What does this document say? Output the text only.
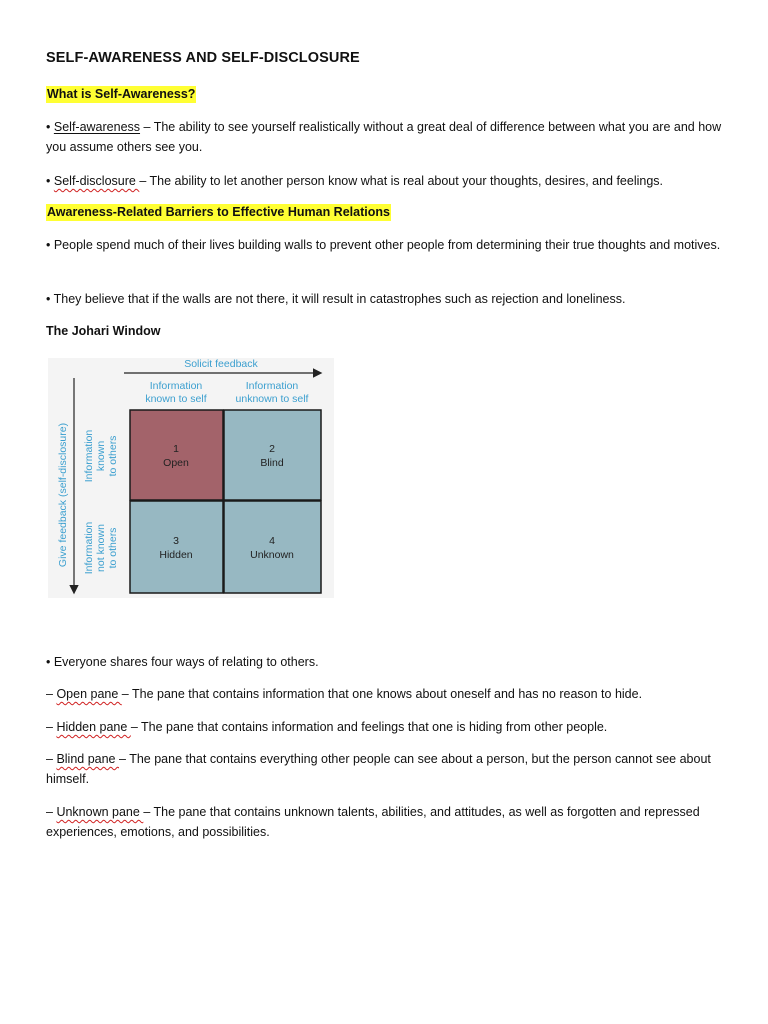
SELF-AWARENESS AND SELF-DISCLOSURE
What is Self-Awareness?
• Self-awareness – The ability to see yourself realistically without a great deal of difference between what you are and how you assume others see you.
• Self-disclosure – The ability to let another person know what is real about your thoughts, desires, and feelings.
Awareness-Related Barriers to Effective Human Relations
• People spend much of their lives building walls to prevent other people from determining their true thoughts and motives.
• They believe that if the walls are not there, it will result in catastrophes such as rejection and loneliness.
The Johari Window
Solicit feedback
Give feedback (self-disclosure)
Information
known to self
Information
unknown to self
Information known to others
Information not known to others
1
Open
2
Blind
3
Hidden
4
Unknown
• Everyone shares four ways of relating to others.
– Open pane – The pane that contains information that one knows about oneself and has no reason to hide.
– Hidden pane – The pane that contains information and feelings that one is hiding from other people.
– Blind pane – The pane that contains everything other people can see about a person, but the person cannot see about himself.
– Unknown pane – The pane that contains unknown talents, abilities, and attitudes, as well as forgotten and repressed experiences, emotions, and possibilities.
